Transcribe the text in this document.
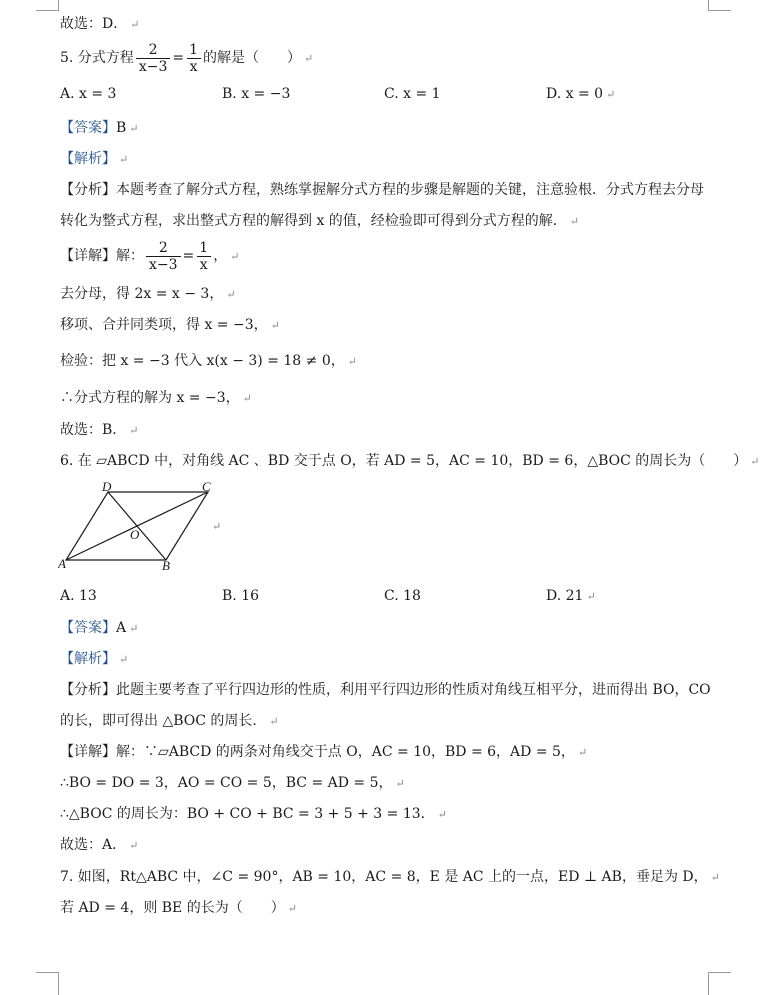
故选：D． ↵
5. 分式方程 $\frac{2}{x-3} = \frac{1}{x}$ 的解是（　　） ↵
A. x = 3	B. x = −3	C. x = 1	D. x = 0 ↵
【答案】B ↵
【解析】 ↵
【分析】本题考查了解分式方程，熟练掌握解分式方程的步骤是解题的关键，注意验根．分式方程去分母
转化为整式方程，求出整式方程的解得到 x 的值，经检验即可得到分式方程的解． ↵
【详解】解： $\frac{2}{x-3} = \frac{1}{x}$ ， ↵
去分母，得 2x = x − 3， ↵
移项、合并同类项，得 x = −3， ↵
检验：把 x = −3 代入 x(x − 3) = 18 ≠ 0， ↵
∴分式方程的解为 x = −3， ↵
故选：B． ↵
6. 在 ▱ABCD 中，对角线 AC 、BD 交于点 O，若 AD = 5，AC = 10，BD = 6，△BOC 的周长为（　　） ↵
D	C
A	B
O
↵
A. 13	B. 16	C. 18	D. 21 ↵
【答案】A ↵
【解析】 ↵
【分析】此题主要考查了平行四边形的性质，利用平行四边形的性质对角线互相平分，进而得出 BO，CO
的长，即可得出 △BOC 的周长． ↵
【详解】解：∵▱ABCD 的两条对角线交于点 O，AC = 10，BD = 6，AD = 5， ↵
∴BO = DO = 3，AO = CO = 5，BC = AD = 5， ↵
∴△BOC 的周长为：BO + CO + BC = 3 + 5 + 3 = 13． ↵
故选：A． ↵
7. 如图，Rt△ABC 中，∠C = 90°，AB = 10，AC = 8，E 是 AC 上的一点，ED ⊥ AB，垂足为 D， ↵
若 AD = 4，则 BE 的长为（　　） ↵
